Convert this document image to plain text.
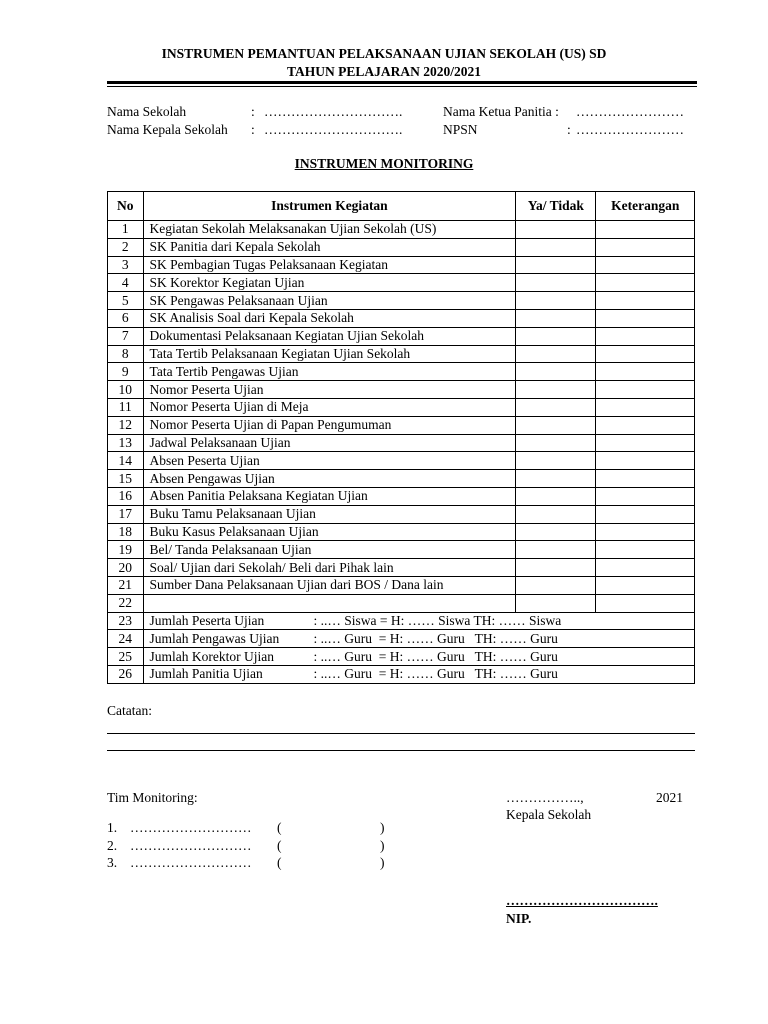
INSTRUMEN PEMANTUAN PELAKSANAAN UJIAN SEKOLAH (US) SD
TAHUN PELAJARAN 2020/2021
Nama Sekolah	: ………………………….
Nama Kepala Sekolah : ………………………….
Nama Ketua Panitia : ……………………
NPSN	: ……………………
INSTRUMEN MONITORING
No	Instrumen Kegiatan	Ya/ Tidak	Keterangan
1	Kegiatan Sekolah Melaksanakan Ujian Sekolah (US)		
2	SK Panitia dari Kepala Sekolah		
3	SK Pembagian Tugas Pelaksanaan Kegiatan		
4	SK Korektor Kegiatan Ujian		
5	SK Pengawas Pelaksanaan Ujian		
6	SK Analisis Soal dari Kepala Sekolah		
7	Dokumentasi Pelaksanaan Kegiatan Ujian Sekolah		
8	Tata Tertib Pelaksanaan Kegiatan Ujian Sekolah		
9	Tata Tertib Pengawas Ujian		
10	Nomor Peserta Ujian		
11	Nomor Peserta Ujian di Meja		
12	Nomor Peserta Ujian di Papan Pengumuman		
13	Jadwal Pelaksanaan Ujian		
14	Absen Peserta Ujian		
15	Absen Pengawas Ujian		
16	Absen Panitia Pelaksana Kegiatan Ujian		
17	Buku Tamu Pelaksanaan Ujian		
18	Buku Kasus Pelaksanaan Ujian		
19	Bel/ Tanda Pelaksanaan Ujian		
20	Soal/ Ujian dari Sekolah/ Beli dari Pihak lain		
21	Sumber Dana Pelaksanaan Ujian dari BOS / Dana lain		
22			
23	Jumlah Peserta Ujian : ..… Siswa = H: …… Siswa TH: …… Siswa		
24	Jumlah Pengawas Ujian : ..… Guru  = H: …… Guru   TH: …… Guru		
25	Jumlah Korektor Ujian : ..… Guru  = H: …… Guru   TH: …… Guru		
26	Jumlah Panitia Ujian : ..… Guru  = H: …… Guru   TH: …… Guru		
Catatan:
Tim Monitoring:
1. ……………………… (	)
2. ……………………… (	)
3. ……………………… (	)
……………..,	2021
Kepala Sekolah
…………………………….
NIP.
